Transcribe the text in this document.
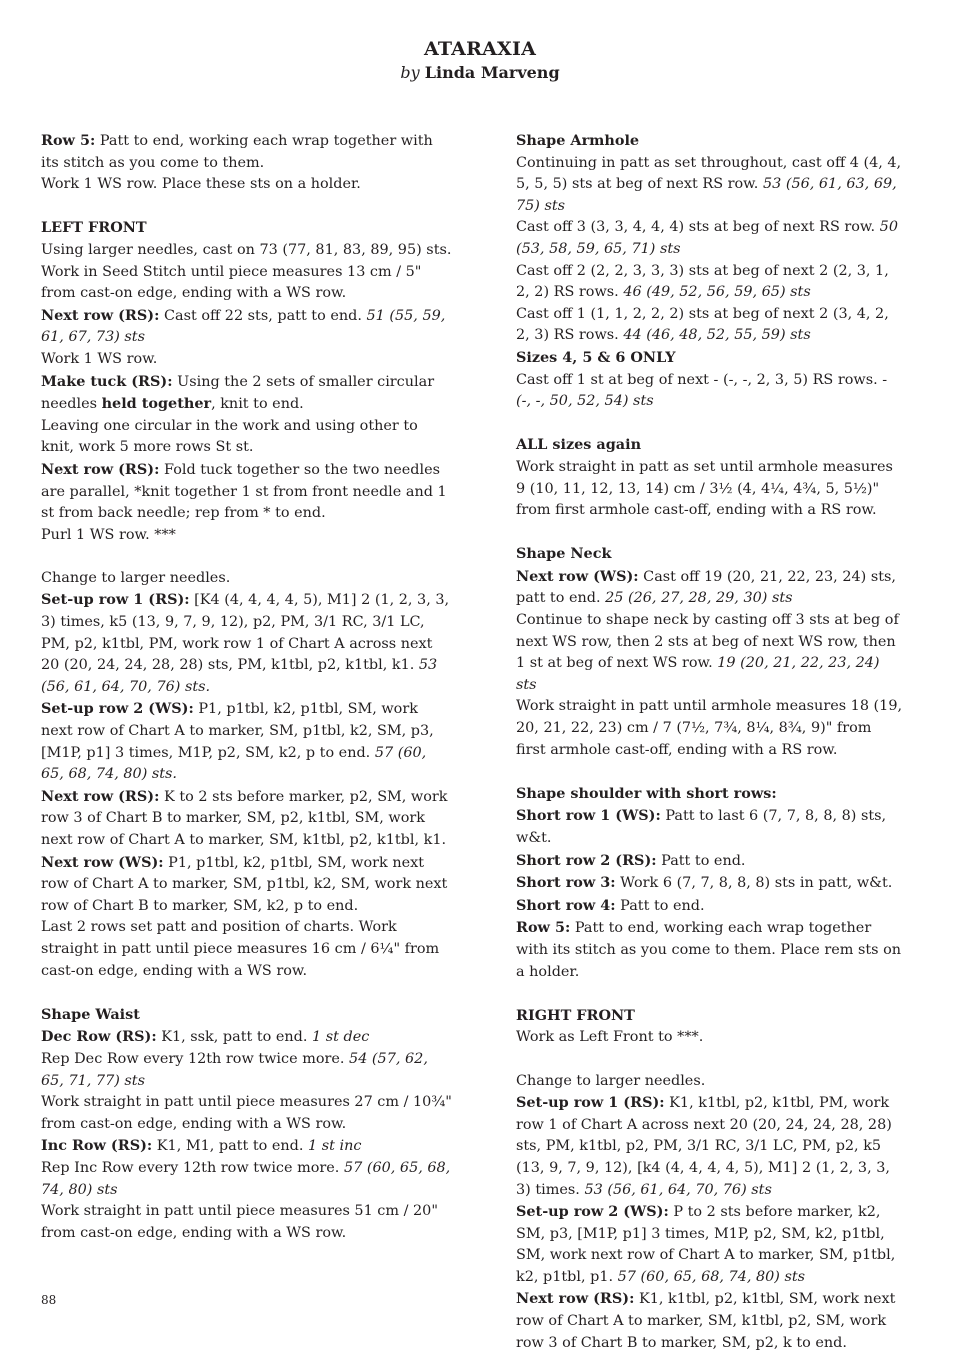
ATARAXIA

by Linda Marveng

Row 5: Patt to end, working each wrap together with its stitch as you come to them.

Work 1 WS row. Place these sts on a holder.

LEFT FRONT

Using larger needles, cast on 73 (77, 81, 83, 89, 95) sts.

Work in Seed Stitch until piece measures 13 cm / 5" from cast-on edge, ending with a WS row.

Next row (RS): Cast off 22 sts, patt to end. 51 (55, 59, 61, 67, 73) sts

Work 1 WS row.

Make tuck (RS): Using the 2 sets of smaller circular needles held together, knit to end.

Leaving one circular in the work and using other to knit, work 5 more rows St st.

Next row (RS): Fold tuck together so the two needles are parallel, *knit together 1 st from front needle and 1 st from back needle; rep from * to end.

Purl 1 WS row. ***

Change to larger needles.

Set-up row 1 (RS): [K4 (4, 4, 4, 4, 5), M1] 2 (1, 2, 3, 3, 3) times, k5 (13, 9, 7, 9, 12), p2, PM, 3/1 RC, 3/1 LC, PM, p2, k1tbl, PM, work row 1 of Chart A across next 20 (20, 24, 24, 28, 28) sts, PM, k1tbl, p2, k1tbl, k1. 53 (56, 61, 64, 70, 76) sts.

Set-up row 2 (WS): P1, p1tbl, k2, p1tbl, SM, work next row of Chart A to marker, SM, p1tbl, k2, SM, p3, [M1P, p1] 3 times, M1P, p2, SM, k2, p to end. 57 (60, 65, 68, 74, 80) sts.

Next row (RS): K to 2 sts before marker, p2, SM, work row 3 of Chart B to marker, SM, p2, k1tbl, SM, work next row of Chart A to marker, SM, k1tbl, p2, k1tbl, k1.

Next row (WS): P1, p1tbl, k2, p1tbl, SM, work next row of Chart A to marker, SM, p1tbl, k2, SM, work next row of Chart B to marker, SM, k2, p to end.

Last 2 rows set patt and position of charts. Work straight in patt until piece measures 16 cm / 6¼" from cast-on edge, ending with a WS row.

Shape Waist

Dec Row (RS): K1, ssk, patt to end. 1 st dec

Rep Dec Row every 12th row twice more. 54 (57, 62, 65, 71, 77) sts

Work straight in patt until piece measures 27 cm / 10¾" from cast-on edge, ending with a WS row.

Inc Row (RS): K1, M1, patt to end. 1 st inc

Rep Inc Row every 12th row twice more. 57 (60, 65, 68, 74, 80) sts

Work straight in patt until piece measures 51 cm / 20" from cast-on edge, ending with a WS row.

Shape Armhole

Continuing in patt as set throughout, cast off 4 (4, 4, 5, 5, 5) sts at beg of next RS row. 53 (56, 61, 63, 69, 75) sts

Cast off 3 (3, 3, 4, 4, 4) sts at beg of next RS row. 50 (53, 58, 59, 65, 71) sts

Cast off 2 (2, 2, 3, 3, 3) sts at beg of next 2 (2, 3, 1, 2, 2) RS rows. 46 (49, 52, 56, 59, 65) sts

Cast off 1 (1, 1, 2, 2, 2) sts at beg of next 2 (3, 4, 2, 2, 3) RS rows. 44 (46, 48, 52, 55, 59) sts

Sizes 4, 5 & 6 ONLY

Cast off 1 st at beg of next - (-, -, 2, 3, 5) RS rows. - (-, -, 50, 52, 54) sts

ALL sizes again

Work straight in patt as set until armhole measures 9 (10, 11, 12, 13, 14) cm / 3½ (4, 4¼, 4¾, 5, 5½)" from first armhole cast-off, ending with a RS row.

Shape Neck

Next row (WS): Cast off 19 (20, 21, 22, 23, 24) sts, patt to end. 25 (26, 27, 28, 29, 30) sts

Continue to shape neck by casting off 3 sts at beg of next WS row, then 2 sts at beg of next WS row, then 1 st at beg of next WS row. 19 (20, 21, 22, 23, 24) sts

Work straight in patt until armhole measures 18 (19, 20, 21, 22, 23) cm / 7 (7½, 7¾, 8¼, 8¾, 9)" from first armhole cast-off, ending with a RS row.

Shape shoulder with short rows:

Short row 1 (WS): Patt to last 6 (7, 7, 8, 8, 8) sts, w&t.

Short row 2 (RS): Patt to end.

Short row 3: Work 6 (7, 7, 8, 8, 8) sts in patt, w&t.

Short row 4: Patt to end.

Row 5: Patt to end, working each wrap together with its stitch as you come to them. Place rem sts on a holder.

RIGHT FRONT

Work as Left Front to ***.

Change to larger needles.

Set-up row 1 (RS): K1, k1tbl, p2, k1tbl, PM, work row 1 of Chart A across next 20 (20, 24, 24, 28, 28) sts, PM, k1tbl, p2, PM, 3/1 RC, 3/1 LC, PM, p2, k5 (13, 9, 7, 9, 12), [k4 (4, 4, 4, 4, 5), M1] 2 (1, 2, 3, 3, 3) times. 53 (56, 61, 64, 70, 76) sts

Set-up row 2 (WS): P to 2 sts before marker, k2, SM, p3, [M1P, p1] 3 times, M1P, p2, SM, k2, p1tbl, SM, work next row of Chart A to marker, SM, p1tbl, k2, p1tbl, p1. 57 (60, 65, 68, 74, 80) sts

Next row (RS): K1, k1tbl, p2, k1tbl, SM, work next row of Chart A to marker, SM, k1tbl, p2, SM, work row 3 of Chart B to marker, SM, p2, k to end.

88
